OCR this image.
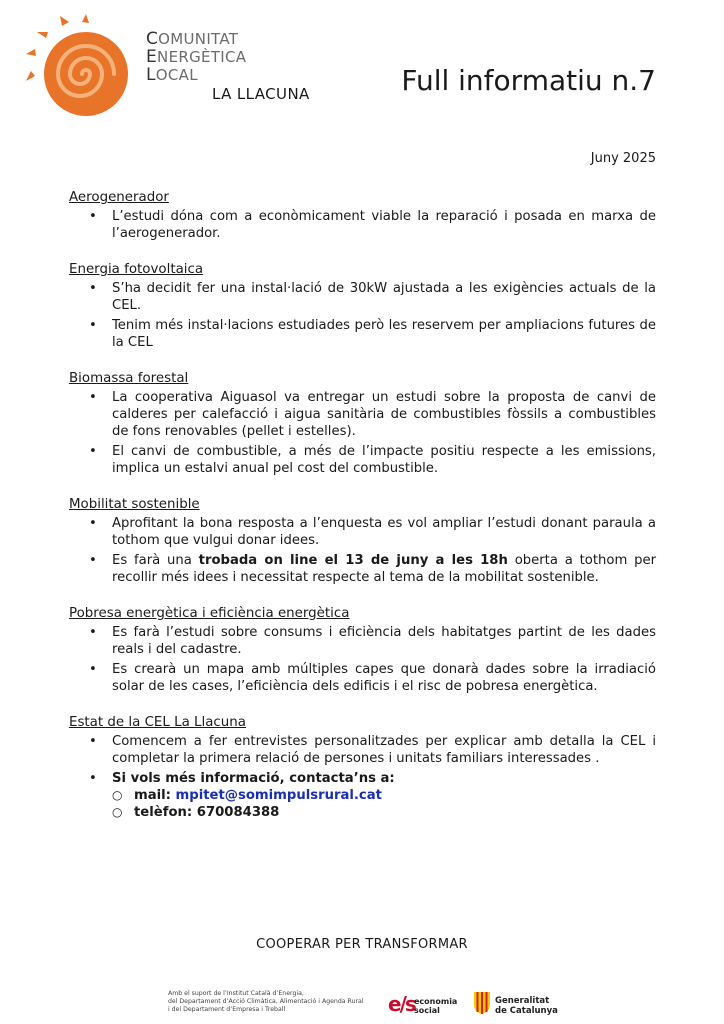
COMUNITAT
ENERGÈTICA
LOCAL
LA LLACUNA	Full informatiu n.7
Juny 2025
Aerogenerador
• L’estudi dóna com a econòmicament viable la reparació i posada en marxa de l’aerogenerador.
Energia fotovoltaica
• S’ha decidit fer una instal·lació de 30kW ajustada a les exigències actuals de la CEL.
• Tenim més instal·lacions estudiades però les reservem per ampliacions futures de la CEL
Biomassa forestal
• La cooperativa Aiguasol va entregar un estudi sobre la proposta de canvi de calderes per calefacció i aigua sanitària de combustibles fòssils a combustibles de fons renovables (pellet i estelles).
• El canvi de combustible, a més de l’impacte positiu respecte a les emissions, implica un estalvi anual pel cost del combustible.
Mobilitat sostenible
• Aprofitant la bona resposta a l’enquesta es vol ampliar l’estudi donant paraula a tothom que vulgui donar idees.
• Es farà una trobada on line el 13 de juny a les 18h oberta a tothom per recollir més idees i necessitat respecte al tema de la mobilitat sostenible.
Pobresa energètica i eficiència energètica
• Es farà l’estudi sobre consums i eficiència dels habitatges partint de les dades reals i del cadastre.
• Es crearà un mapa amb múltiples capes que donarà dades sobre la irradiació solar de les cases, l’eficiència dels edificis i el risc de pobresa energètica.
Estat de la CEL La Llacuna
• Comencem a fer entrevistes personalitzades per explicar amb detalla la CEL i completar la primera relació de persones i unitats familiars interessades .
• Si vols més informació, contacta’ns a:
○ mail: mpitet@somimpulsrural.cat
○ telèfon: 670084388
COOPERAR PER TRANSFORMAR
Amb el suport de l’Institut Català d’Energia,
del Departament d’Acció Climàtica, Alimentació i Agenda Rural
i del Departament d’Empresa i Treball	e/s economia
social
Generalitat
de Catalunya
